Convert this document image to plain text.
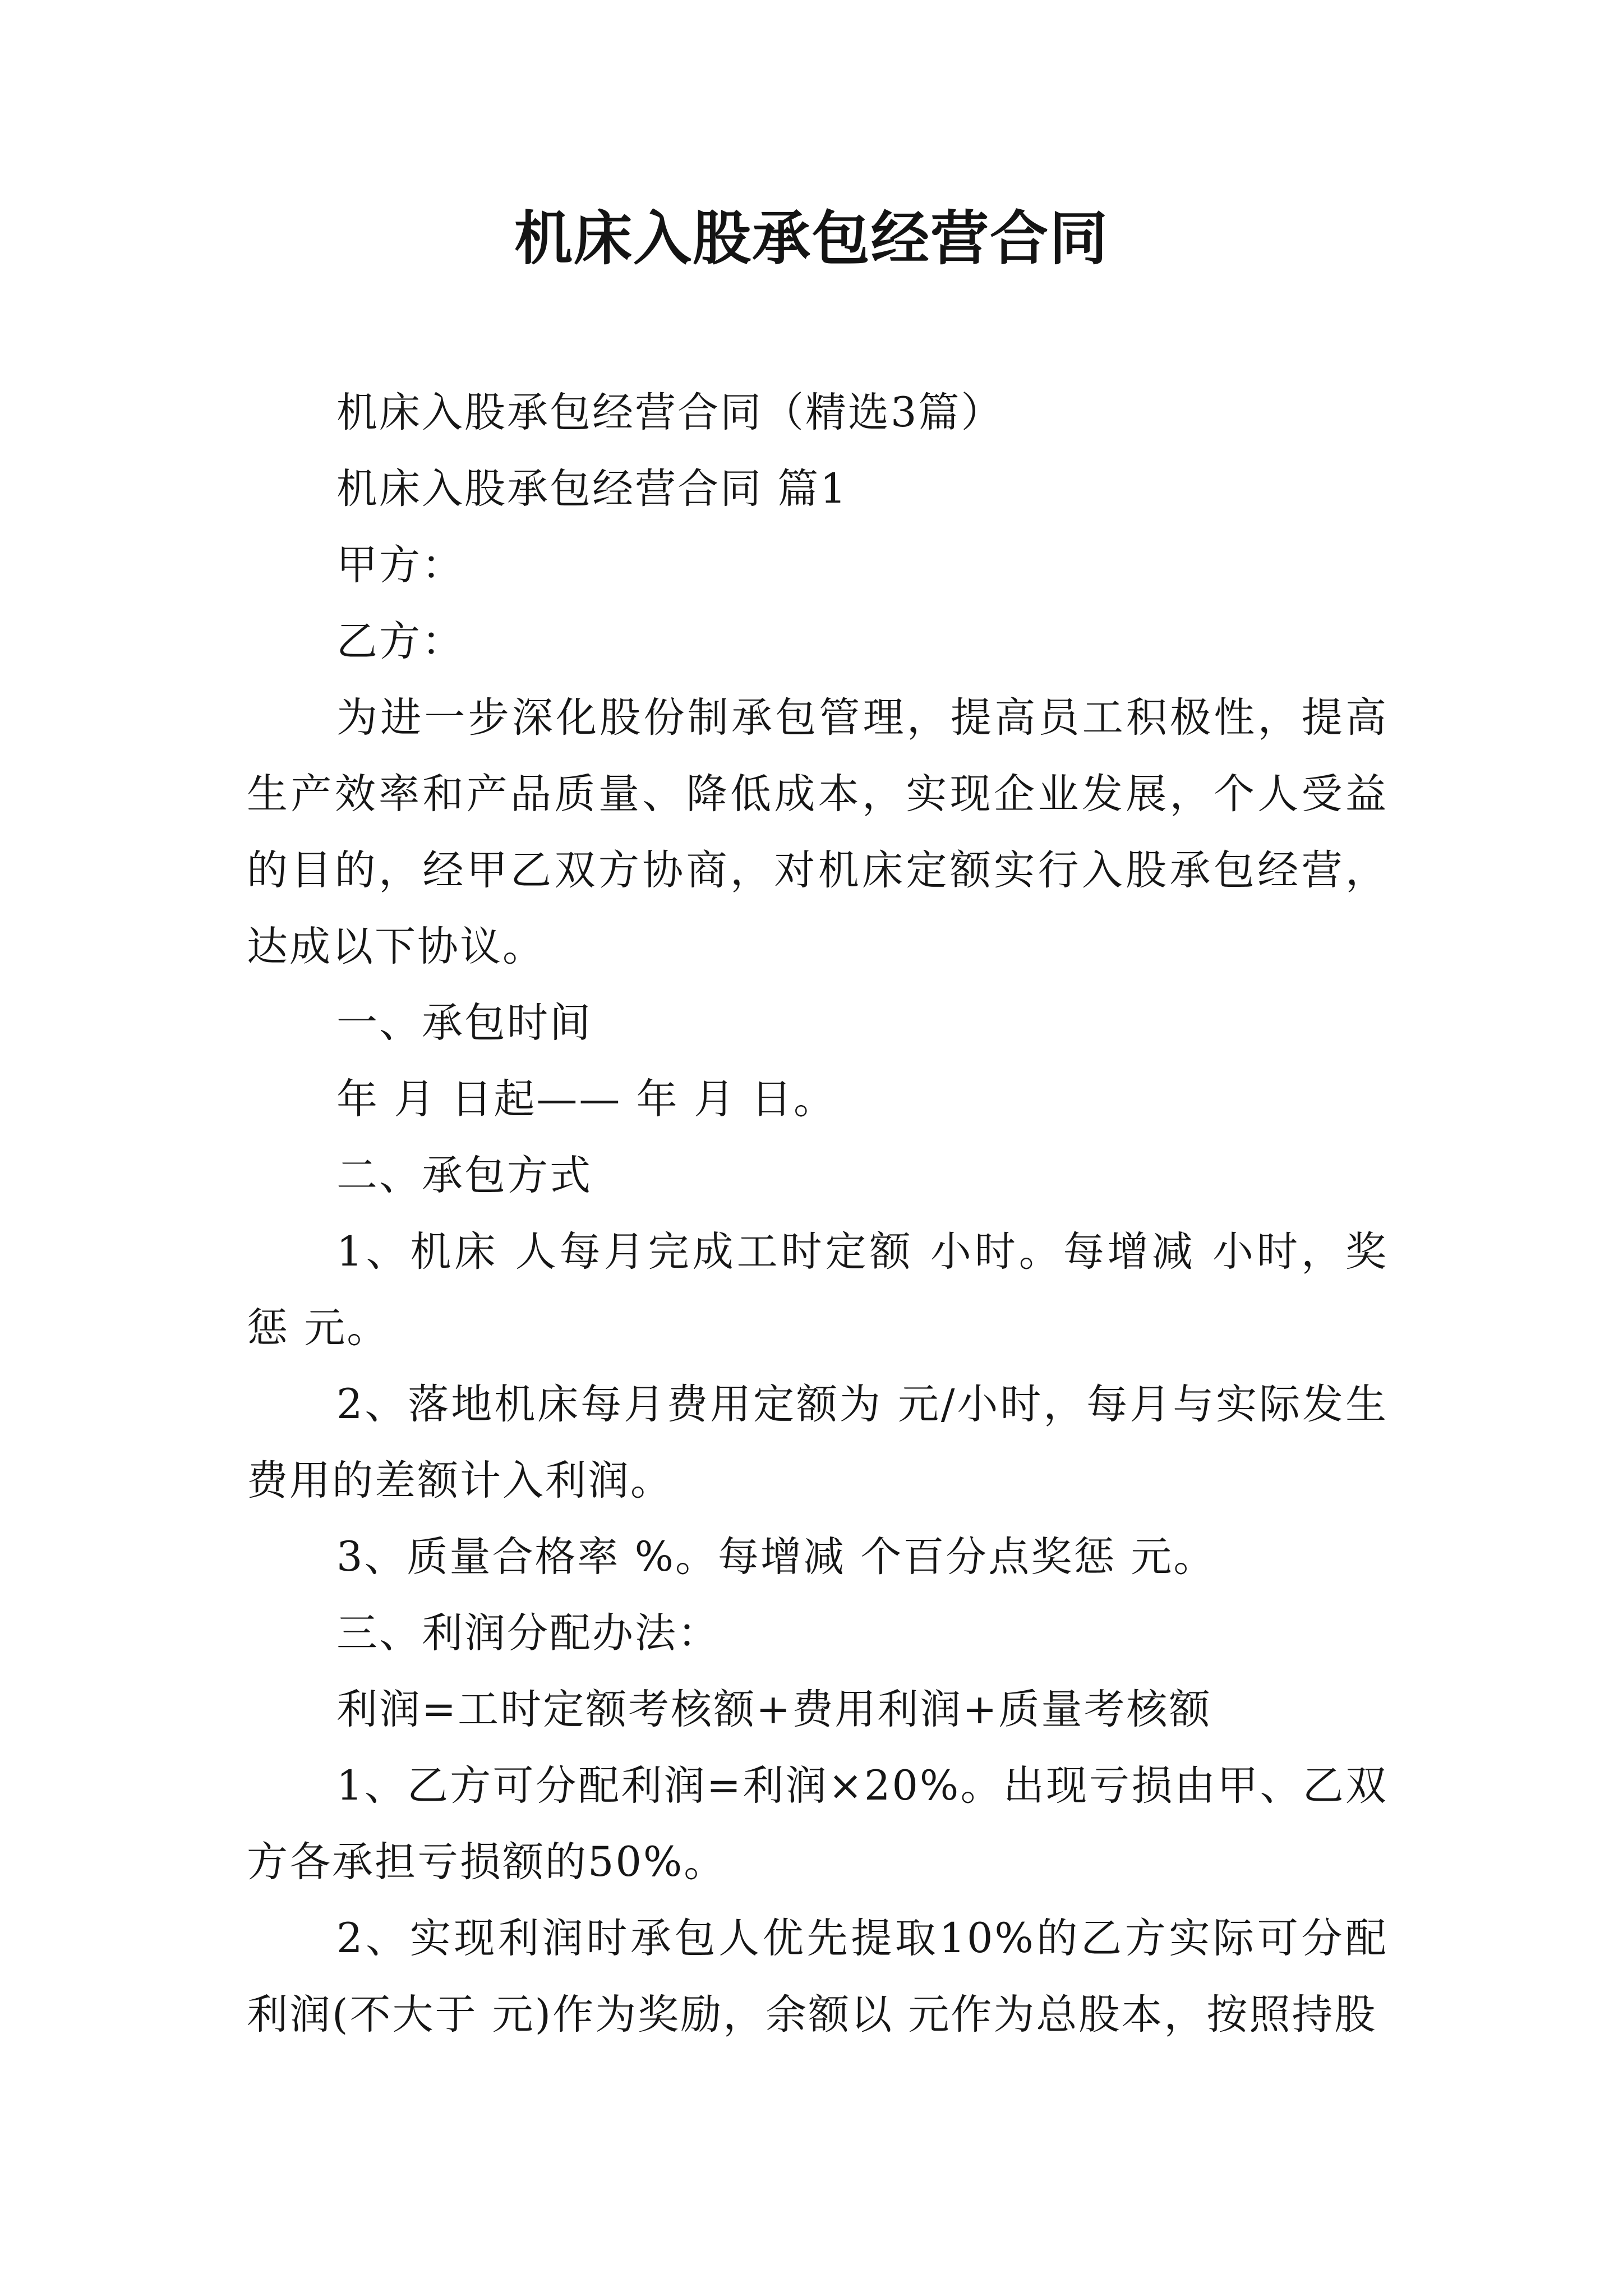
机床入股承包经营合同

机床入股承包经营合同（精选3篇）

机床入股承包经营合同 篇1

甲方：

乙方：

为进一步深化股份制承包管理，提高员工积极性，提高生产效率和产品质量、降低成本，实现企业发展，个人受益的目的，经甲乙双方协商，对机床定额实行入股承包经营，达成以下协议。

一、承包时间

年 月 日起—— 年 月 日。

二、承包方式

1、机床 人每月完成工时定额 小时。每增减 小时，奖惩 元。

2、落地机床每月费用定额为 元/小时，每月与实际发生费用的差额计入利润。

3、质量合格率 %。每增减 个百分点奖惩 元。

三、利润分配办法：

利润=工时定额考核额+费用利润+质量考核额

1、乙方可分配利润=利润×20%。出现亏损由甲、乙双方各承担亏损额的50%。

2、实现利润时承包人优先提取10%的乙方实际可分配利润(不大于 元)作为奖励，余额以 元作为总股本，按照持股
